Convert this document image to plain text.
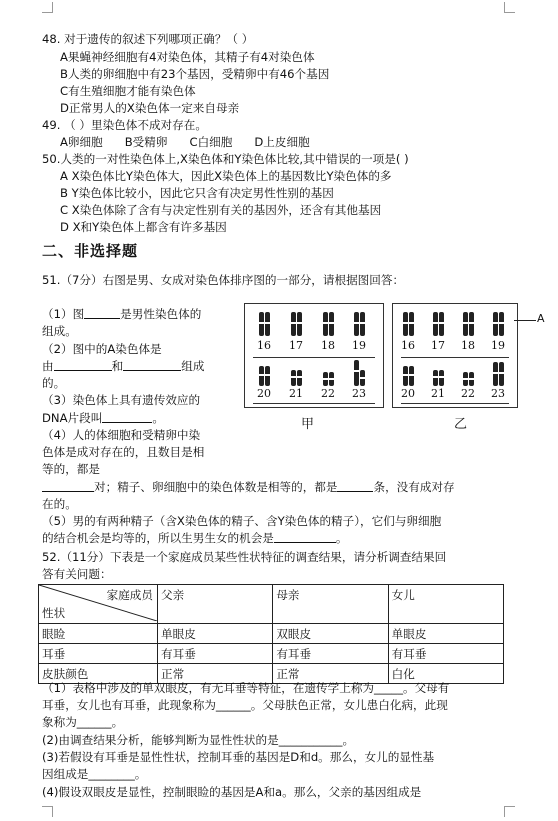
48. 对于遗传的叙述下列哪项正确？（ ）
A果蝇神经细胞有4对染色体，其精子有4对染色体
B人类的卵细胞中有23个基因，受精卵中有46个基因
C有生殖细胞才能有染色体
D正常男人的X染色体一定来自母亲
49. （ ）里染色体不成对存在。
A卵细胞 B受精卵 C白细胞 D上皮细胞
50.人类的一对性染色体上,X染色体和Y染色体比较,其中错误的一项是( )
A X染色体比Y染色体大，因此X染色体上的基因数比Y染色体的多
B Y染色体比较小，因此它只含有决定男性性别的基因
C X染色体除了含有与决定性别有关的基因外，还含有其他基因
D X和Y染色体上都含有许多基因
二、非选择题
51.（7分）右图是男、女成对染色体排序图的一部分，请根据图回答：
（1）图	是男性染色体的
组成。
（2）图中的A染色体是
由	和	组成
的。
（3）染色体上具有遗传效应的
DNA片段叫	。
（4）人的体细胞和受精卵中染
色体是成对存在的，且数目是相
等的，都是
对；精子、卵细胞中的染色体数是相等的，都是	条，没有成对存
在的。
（5）男的有两种精子（含X染色体的精子、含Y染色体的精子），它们与卵细胞
的结合机会是均等的，所以生男生女的机会是	。
16 17 18 19
20 21 22 23
甲
16 17 18 19
20 21 22 23
A
乙
52.（11分）下表是一个家庭成员某些性状特征的调查结果，请分析调查结果回
答有关问题：
家庭成员
性状	父亲	母亲	女儿
眼睑	单眼皮	双眼皮	单眼皮
耳垂	有耳垂	有耳垂	有耳垂
皮肤颜色	正常	正常	白化
（1）表格中涉及的单双眼皮，有无耳垂等特征，在遗传学上称为_____。父母有
耳垂，女儿也有耳垂，此现象称为______。父母肤色正常，女儿患白化病，此现
象称为______。
(2)由调查结果分析，能够判断为显性性状的是___________。
(3)若假设有耳垂是显性性状，控制耳垂的基因是D和d。那么，女儿的显性基
因组成是________。
(4)假设双眼皮是显性，控制眼睑的基因是A和a。那么，父亲的基因组成是
